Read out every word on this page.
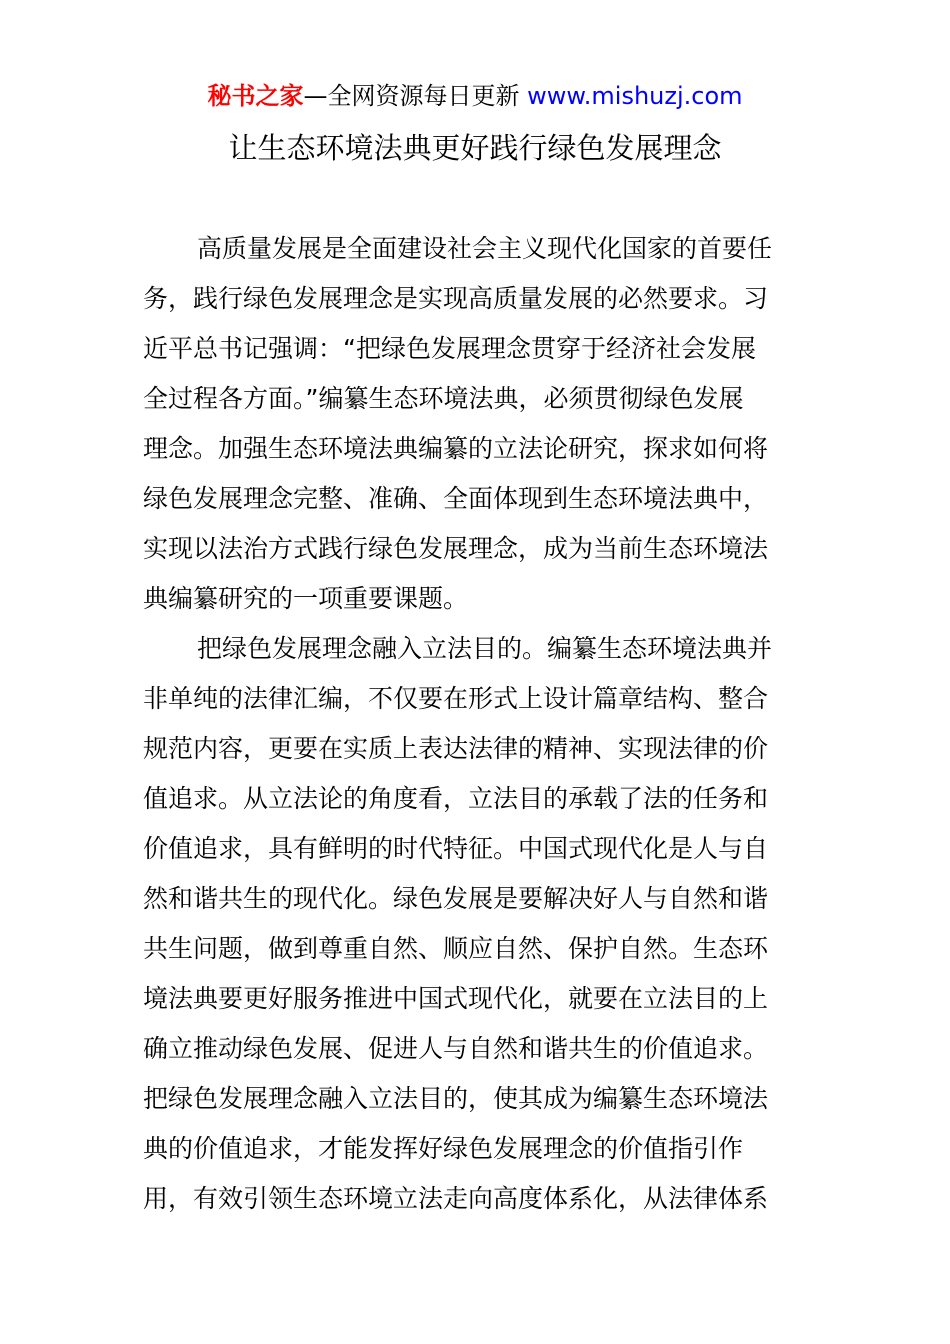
秘书之家—全网资源每日更新 www.mishuzj.com
让生态环境法典更好践行绿色发展理念
高质量发展是全面建设社会主义现代化国家的首要任
务，践行绿色发展理念是实现高质量发展的必然要求。习
近平总书记强调：“把绿色发展理念贯穿于经济社会发展
全过程各方面。”编纂生态环境法典，必须贯彻绿色发展
理念。加强生态环境法典编纂的立法论研究，探求如何将
绿色发展理念完整、准确、全面体现到生态环境法典中，
实现以法治方式践行绿色发展理念，成为当前生态环境法
典编纂研究的一项重要课题。
把绿色发展理念融入立法目的。编纂生态环境法典并
非单纯的法律汇编，不仅要在形式上设计篇章结构、整合
规范内容，更要在实质上表达法律的精神、实现法律的价
值追求。从立法论的角度看，立法目的承载了法的任务和
价值追求，具有鲜明的时代特征。中国式现代化是人与自
然和谐共生的现代化。绿色发展是要解决好人与自然和谐
共生问题，做到尊重自然、顺应自然、保护自然。生态环
境法典要更好服务推进中国式现代化，就要在立法目的上
确立推动绿色发展、促进人与自然和谐共生的价值追求。
把绿色发展理念融入立法目的，使其成为编纂生态环境法
典的价值追求，才能发挥好绿色发展理念的价值指引作
用，有效引领生态环境立法走向高度体系化，从法律体系
